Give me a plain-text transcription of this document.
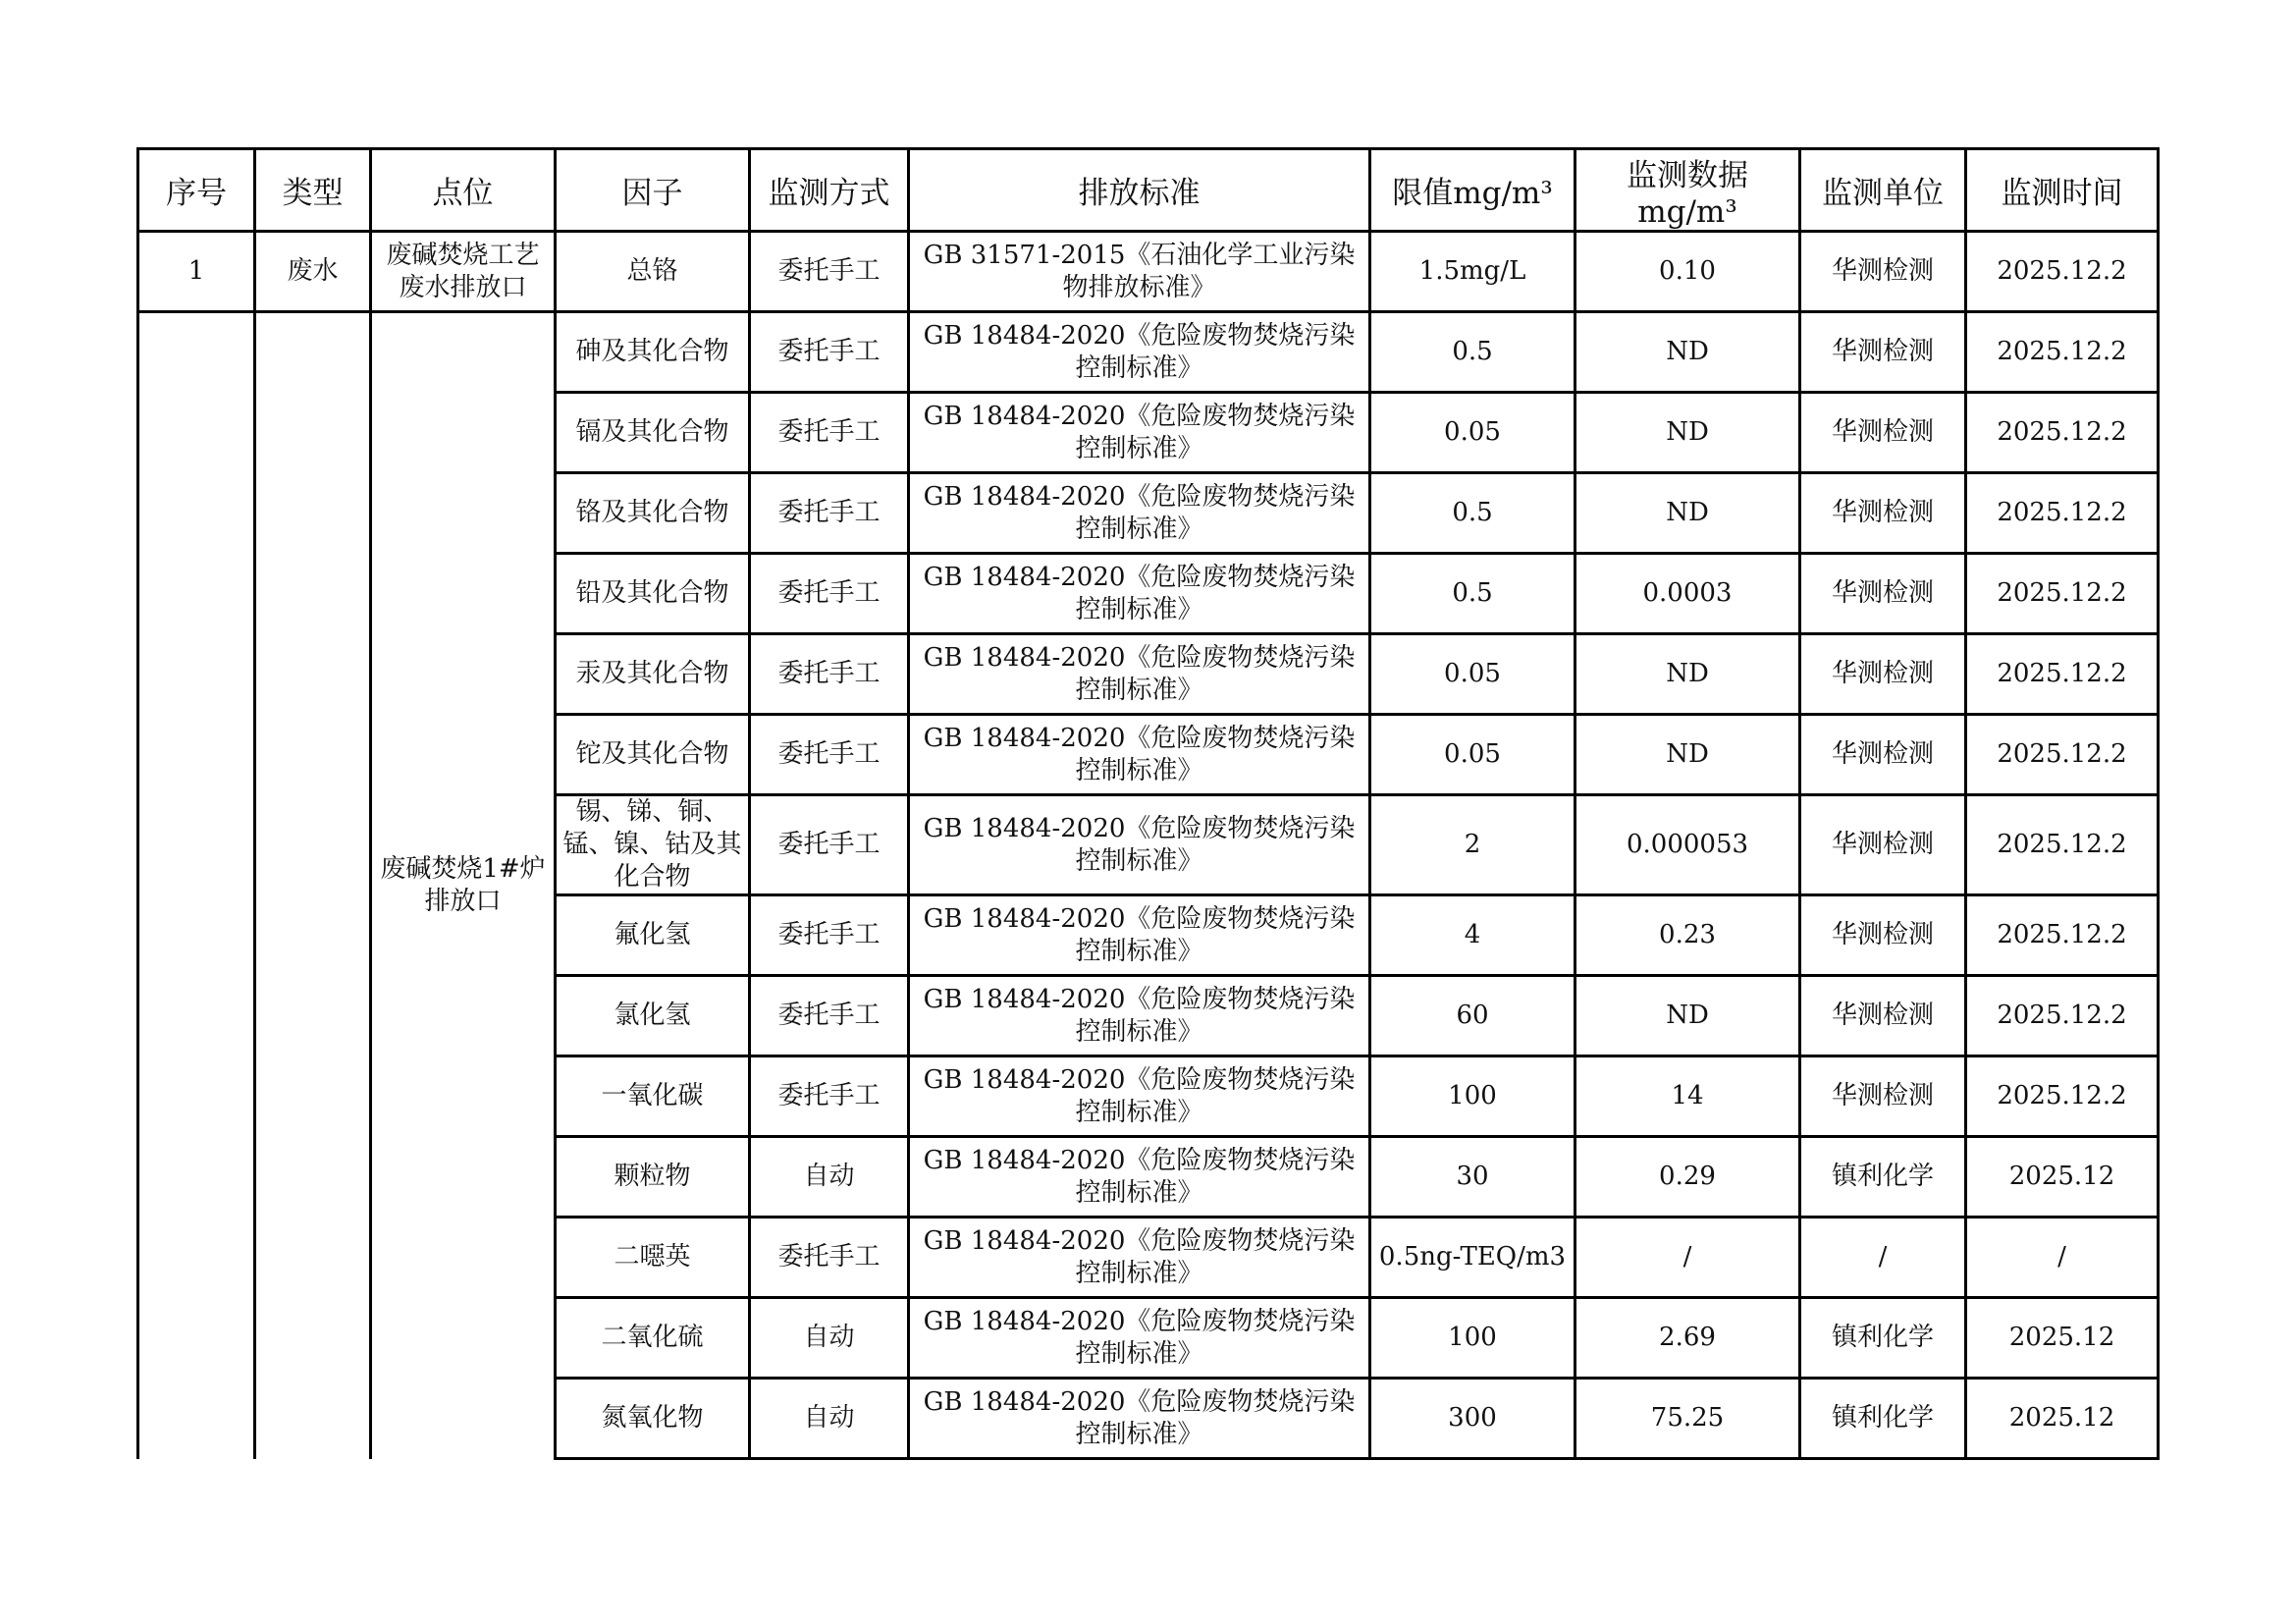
序号	类型	点位	因子	监测方式	排放标准	限值mg/m³	监测数据mg/m³	监测单位	监测时间
1	废水	废碱焚烧工艺废水排放口	总铬	委托手工	GB 31571-2015《石油化学工业污染物排放标准》	1.5mg/L	0.10	华测检测	2025.12.2
		废碱焚烧1#炉排放口	砷及其化合物	委托手工	GB 18484-2020《危险废物焚烧污染控制标准》	0.5	ND	华测检测	2025.12.2
			镉及其化合物	委托手工	GB 18484-2020《危险废物焚烧污染控制标准》	0.05	ND	华测检测	2025.12.2
			铬及其化合物	委托手工	GB 18484-2020《危险废物焚烧污染控制标准》	0.5	ND	华测检测	2025.12.2
			铅及其化合物	委托手工	GB 18484-2020《危险废物焚烧污染控制标准》	0.5	0.0003	华测检测	2025.12.2
			汞及其化合物	委托手工	GB 18484-2020《危险废物焚烧污染控制标准》	0.05	ND	华测检测	2025.12.2
			铊及其化合物	委托手工	GB 18484-2020《危险废物焚烧污染控制标准》	0.05	ND	华测检测	2025.12.2
			锡、锑、铜、锰、镍、钴及其化合物	委托手工	GB 18484-2020《危险废物焚烧污染控制标准》	2	0.000053	华测检测	2025.12.2
			氟化氢	委托手工	GB 18484-2020《危险废物焚烧污染控制标准》	4	0.23	华测检测	2025.12.2
			氯化氢	委托手工	GB 18484-2020《危险废物焚烧污染控制标准》	60	ND	华测检测	2025.12.2
			一氧化碳	委托手工	GB 18484-2020《危险废物焚烧污染控制标准》	100	14	华测检测	2025.12.2
			颗粒物	自动	GB 18484-2020《危险废物焚烧污染控制标准》	30	0.29	镇利化学	2025.12
			二噁英	委托手工	GB 18484-2020《危险废物焚烧污染控制标准》	0.5ng-TEQ/m3	/	/	/
			二氧化硫	自动	GB 18484-2020《危险废物焚烧污染控制标准》	100	2.69	镇利化学	2025.12
			氮氧化物	自动	GB 18484-2020《危险废物焚烧污染控制标准》	300	75.25	镇利化学	2025.12
